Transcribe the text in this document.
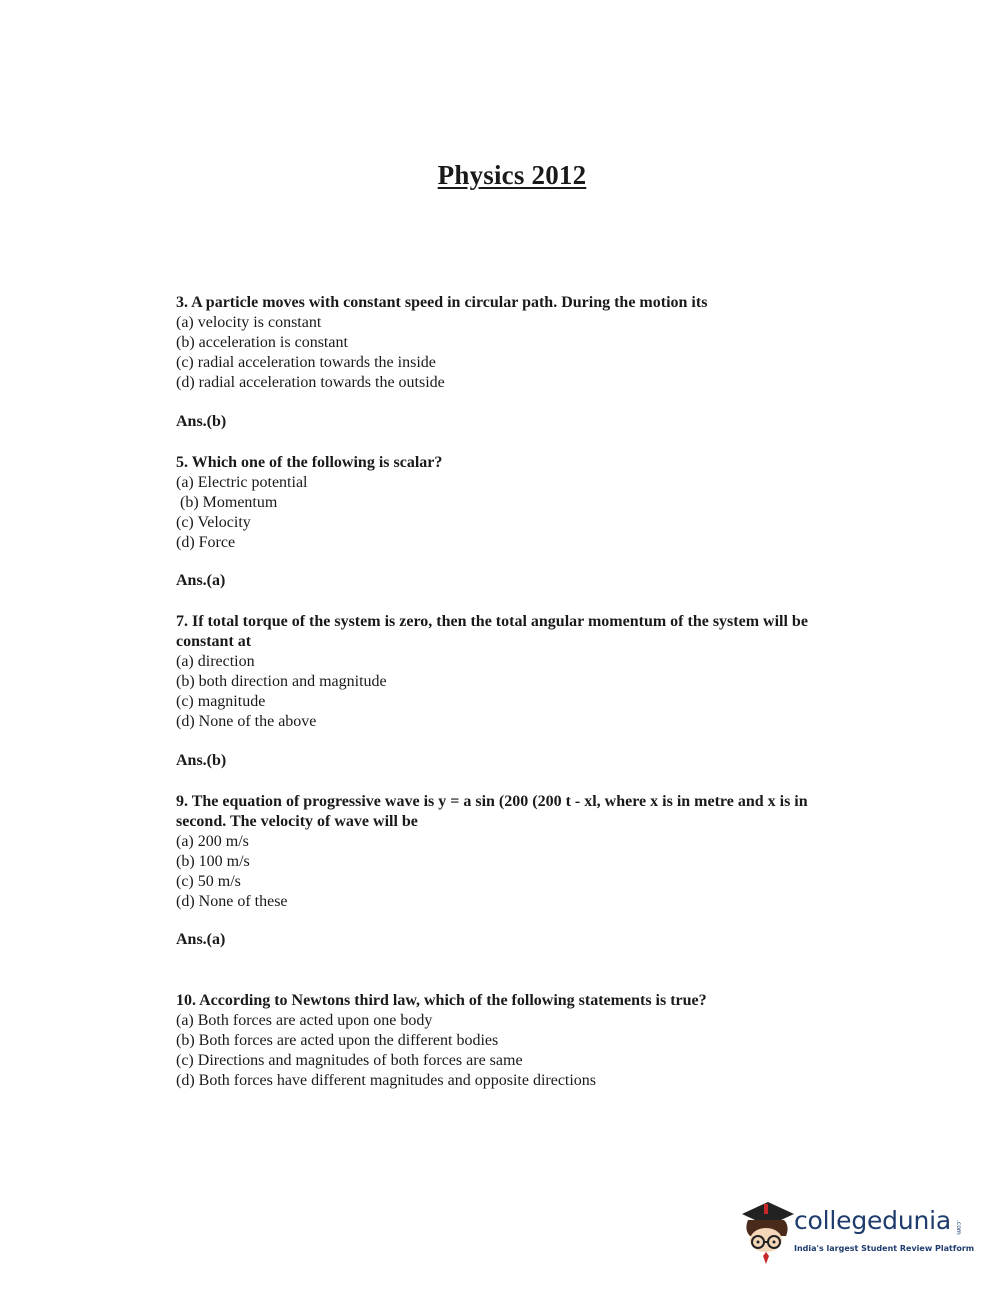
Physics 2012
3. A particle moves with constant speed in circular path. During the motion its
(a) velocity is constant
(b) acceleration is constant
(c) radial acceleration towards the inside
(d) radial acceleration towards the outside
Ans.(b)
5. Which one of the following is scalar?
(a) Electric potential
(b) Momentum
(c) Velocity
(d) Force
Ans.(a)
7. If total torque of the system is zero, then the total angular momentum of the system will be constant at
(a) direction
(b) both direction and magnitude
(c) magnitude
(d) None of the above
Ans.(b)
9. The equation of progressive wave is y = a sin (200 (200 t - xl, where x is in metre and x is in second. The velocity of wave will be
(a) 200 m/s
(b) 100 m/s
(c) 50 m/s
(d) None of these
Ans.(a)
10. According to Newtons third law, which of the following statements is true?
(a) Both forces are acted upon one body
(b) Both forces are acted upon the different bodies
(c) Directions and magnitudes of both forces are same
(d) Both forces have different magnitudes and opposite directions
collegedunia .com
India's largest Student Review Platform
